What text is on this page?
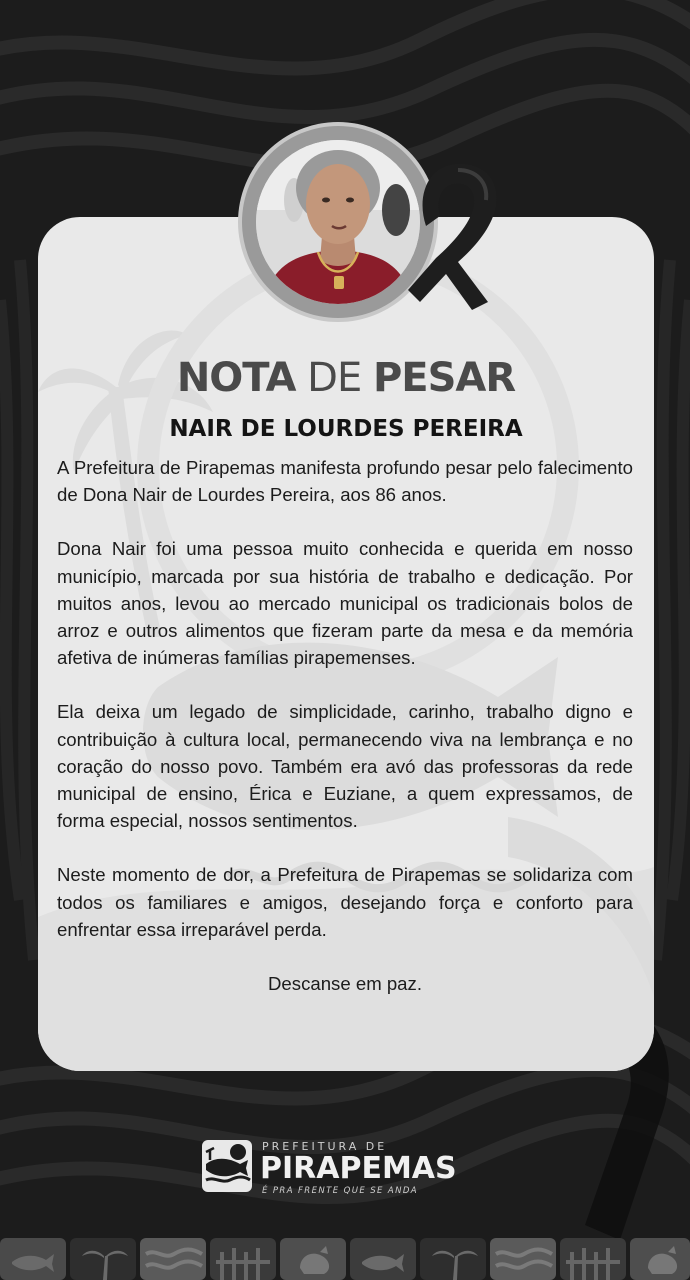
NOTA DE PESAR
NAIR DE LOURDES PEREIRA

A Prefeitura de Pirapemas manifesta profundo pesar pelo falecimento de Dona Nair de Lourdes Pereira, aos 86 anos.

Dona Nair foi uma pessoa muito conhecida e querida em nosso município, marcada por sua história de trabalho e dedicação. Por muitos anos, levou ao mercado municipal os tradicionais bolos de arroz e outros alimentos que fizeram parte da mesa e da memória afetiva de inúmeras famílias pirapemenses.

Ela deixa um legado de simplicidade, carinho, trabalho digno e contribuição à cultura local, permanecendo viva na lembrança e no coração do nosso povo. Também era avó das professoras da rede municipal de ensino, Érica e Euziane, a quem expressamos, de forma especial, nossos sentimentos.

Neste momento de dor, a Prefeitura de Pirapemas se solidariza com todos os familiares e amigos, desejando força e conforto para enfrentar essa irreparável perda.

Descanse em paz.

PREFEITURA DE
PIRAPEMAS
É PRA FRENTE QUE SE ANDA
